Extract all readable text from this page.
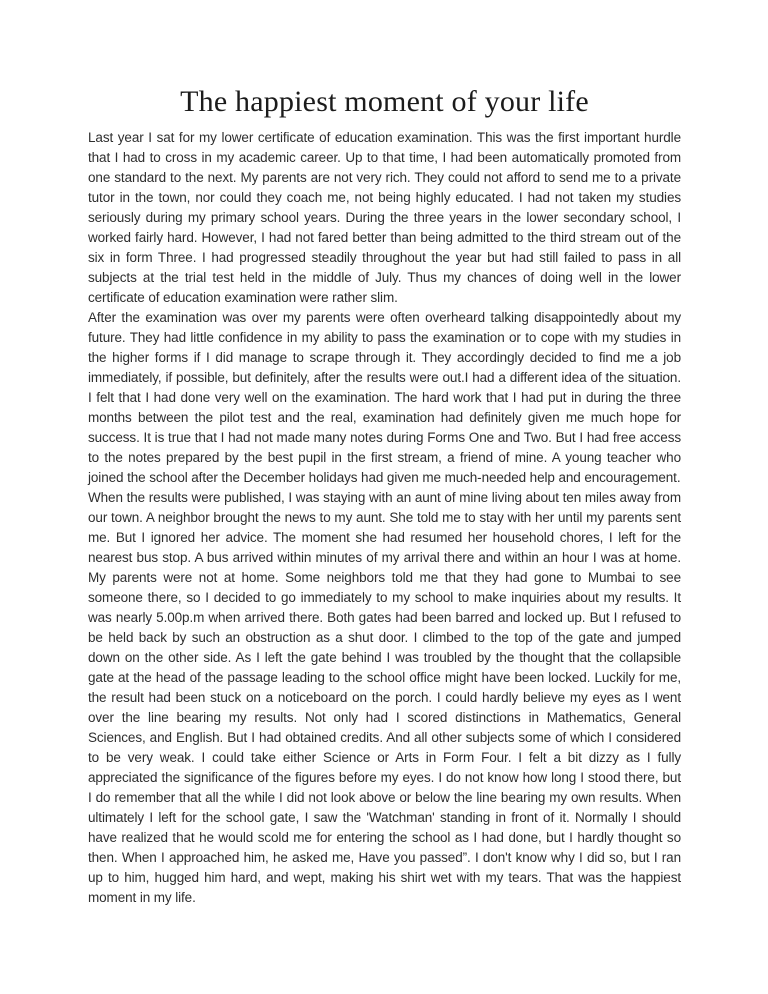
The happiest moment of your life

Last year I sat for my lower certificate of education examination. This was the first important hurdle that I had to cross in my academic career. Up to that time, I had been automatically promoted from one standard to the next. My parents are not very rich. They could not afford to send me to a private tutor in the town, nor could they coach me, not being highly educated. I had not taken my studies seriously during my primary school years. During the three years in the lower secondary school, I worked fairly hard. However, I had not fared better than being admitted to the third stream out of the six in form Three. I had progressed steadily throughout the year but had still failed to pass in all subjects at the trial test held in the middle of July. Thus my chances of doing well in the lower certificate of education examination were rather slim.

After the examination was over my parents were often overheard talking disappointedly about my future. They had little confidence in my ability to pass the examination or to cope with my studies in the higher forms if I did manage to scrape through it. They accordingly decided to find me a job immediately, if possible, but definitely, after the results were out.I had a different idea of the situation. I felt that I had done very well on the examination. The hard work that I had put in during the three months between the pilot test and the real, examination had definitely given me much hope for success. It is true that I had not made many notes during Forms One and Two. But I had free access to the notes prepared by the best pupil in the first stream, a friend of mine. A young teacher who joined the school after the December holidays had given me much-needed help and encouragement.

When the results were published, I was staying with an aunt of mine living about ten miles away from our town. A neighbor brought the news to my aunt. She told me to stay with her until my parents sent me. But I ignored her advice. The moment she had resumed her household chores, I left for the nearest bus stop. A bus arrived within minutes of my arrival there and within an hour I was at home. My parents were not at home. Some neighbors told me that they had gone to Mumbai to see someone there, so I decided to go immediately to my school to make inquiries about my results. It was nearly 5.00p.m when arrived there. Both gates had been barred and locked up. But I refused to be held back by such an obstruction as a shut door. I climbed to the top of the gate and jumped down on the other side. As I left the gate behind I was troubled by the thought that the collapsible gate at the head of the passage leading to the school office might have been locked. Luckily for me, the result had been stuck on a noticeboard on the porch. I could hardly believe my eyes as I went over the line bearing my results. Not only had I scored distinctions in Mathematics, General Sciences, and English. But I had obtained credits. And all other subjects some of which I considered to be very weak. I could take either Science or Arts in Form Four. I felt a bit dizzy as I fully appreciated the significance of the figures before my eyes. I do not know how long I stood there, but I do remember that all the while I did not look above or below the line bearing my own results. When ultimately I left for the school gate, I saw the 'Watchman' standing in front of it. Normally I should have realized that he would scold me for entering the school as I had done, but I hardly thought so then. When I approached him, he asked me, Have you passed”. I don't know why I did so, but I ran up to him, hugged him hard, and wept, making his shirt wet with my tears. That was the happiest moment in my life.
